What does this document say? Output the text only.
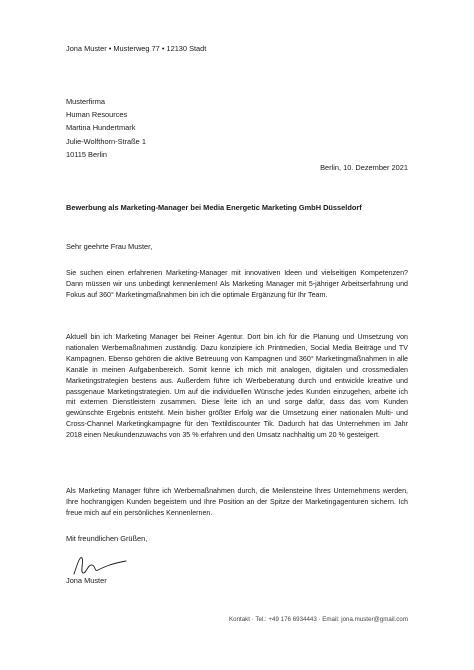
Jona Muster • Musterweg 77 • 12130 Stadt
Musterfirma
Human Resources
Martina Hundertmark
Julie-Wolfthorn-Straße 1
10115 Berlin
Berlin, 10. Dezember 2021
Bewerbung als Marketing-Manager bei Media Energetic Marketing GmbH Düsseldorf
Sehr geehrte Frau Muster,

Sie suchen einen erfahrenen Marketing-Manager mit innovativen Ideen und vielseitigen Kompetenzen? Dann müssen wir uns unbedingt kennenlernen! Als Marketing Manager mit 5-jähriger Arbeitserfahrung und Fokus auf 360° Marketingmaßnahmen bin ich die optimale Ergänzung für Ihr Team.

Aktuell bin ich Marketing Manager bei Reiner Agentur. Dort bin ich für die Planung und Umsetzung von nationalen Werbemaßnahmen zuständig. Dazu konzipiere ich Printmedien, Social Media Beiträge und TV Kampagnen. Ebenso gehören die aktive Betreuung von Kampagnen und 360° Marketingmaßnahmen in alle Kanäle in meinen Aufgabenbereich. Somit kenne ich mich mit analogen, digitalen und crossmedialen Marketingstrategien bestens aus. Außerdem führe ich Werbeberatung durch und entwickle kreative und passgenaue Marketingstrategien. Um auf die individuellen Wünsche jedes Kunden einzugehen, arbeite ich mit externen Dienstleistern zusammen. Diese leite ich an und sorge dafür, dass das vom Kunden gewünschte Ergebnis entsteht. Mein bisher größter Erfolg war die Umsetzung einer nationalen Multi- und Cross-Channel Marketingkampagne für den Textildiscounter Tik. Dadurch hat das Unternehmen im Jahr 2018 einen Neukundenzuwachs von 35 % erfahren und den Umsatz nachhaltig um 20 % gesteigert.

Als Marketing Manager führe ich Werbemaßnahmen durch, die Meilensteine Ihres Unternehmens werden, Ihre hochrangigen Kunden begeistern und Ihre Position an der Spitze der Marketingagenturen sichern. Ich freue mich auf ein persönliches Kennenlernen.

Mit freundlichen Grüßen,
Jona Muster
Kontakt · Tel.: +49 176 6934443 · Email: jona.muster@gmail.com
